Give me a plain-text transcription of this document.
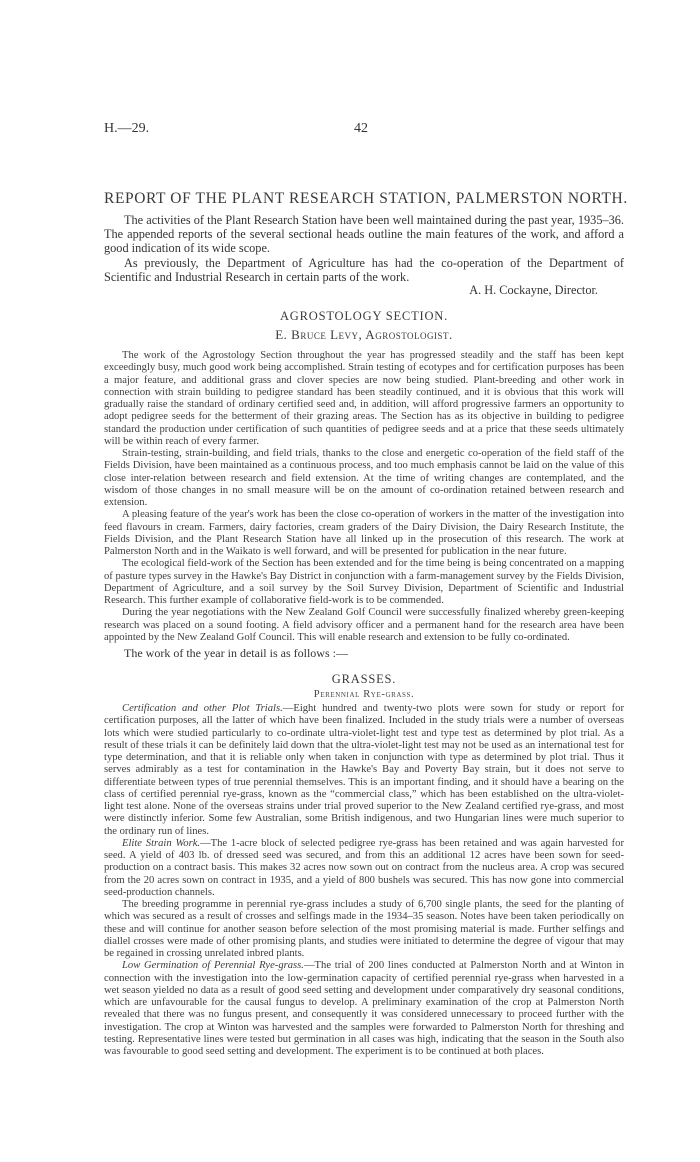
H.—29.	42
REPORT OF THE PLANT RESEARCH STATION, PALMERSTON NORTH.

The activities of the Plant Research Station have been well maintained during the past year, 1935–36. The appended reports of the several sectional heads outline the main features of the work, and afford a good indication of its wide scope.

As previously, the Department of Agriculture has had the co-operation of the Department of Scientific and Industrial Research in certain parts of the work.

A. H. Cockayne, Director.
AGROSTOLOGY SECTION.
E. Bruce Levy, Agrostologist.

The work of the Agrostology Section throughout the year has progressed steadily and the staff has been kept exceedingly busy, much good work being accomplished. Strain testing of ecotypes and for certification purposes has been a major feature, and additional grass and clover species are now being studied. Plant-breeding and other work in connection with strain building to pedigree standard has been steadily continued, and it is obvious that this work will gradually raise the standard of ordinary certified seed and, in addition, will afford progressive farmers an opportunity to adopt pedigree seeds for the betterment of their grazing areas. The Section has as its objective in building to pedigree standard the production under certification of such quantities of pedigree seeds and at a price that these seeds ultimately will be within reach of every farmer.

Strain-testing, strain-building, and field trials, thanks to the close and energetic co-operation of the field staff of the Fields Division, have been maintained as a continuous process, and too much emphasis cannot be laid on the value of this close inter-relation between research and field extension. At the time of writing changes are contemplated, and the wisdom of those changes in no small measure will be on the amount of co-ordination retained between research and extension.

A pleasing feature of the year's work has been the close co-operation of workers in the matter of the investigation into feed flavours in cream. Farmers, dairy factories, cream graders of the Dairy Division, the Dairy Research Institute, the Fields Division, and the Plant Research Station have all linked up in the prosecution of this research. The work at Palmerston North and in the Waikato is well forward, and will be presented for publication in the near future.

The ecological field-work of the Section has been extended and for the time being is being concentrated on a mapping of pasture types survey in the Hawke's Bay District in conjunction with a farm-management survey by the Fields Division, Department of Agriculture, and a soil survey by the Soil Survey Division, Department of Scientific and Industrial Research. This further example of collaborative field-work is to be commended.

During the year negotiations with the New Zealand Golf Council were successfully finalized whereby green-keeping research was placed on a sound footing. A field advisory officer and a permanent hand for the research area have been appointed by the New Zealand Golf Council. This will enable research and extension to be fully co-ordinated.

The work of the year in detail is as follows :—
GRASSES.
Perennial Rye-grass.

Certification and other Plot Trials.—Eight hundred and twenty-two plots were sown for study or report for certification purposes, all the latter of which have been finalized. Included in the study trials were a number of overseas lots which were studied particularly to co-ordinate ultra-violet-light test and type test as determined by plot trial. As a result of these trials it can be definitely laid down that the ultra-violet-light test may not be used as an international test for type determination, and that it is reliable only when taken in conjunction with type as determined by plot trial. Thus it serves admirably as a test for contamination in the Hawke's Bay and Poverty Bay strain, but it does not serve to differentiate between types of true perennial themselves. This is an important finding, and it should have a bearing on the class of certified perennial rye-grass, known as the “commercial class,” which has been established on the ultra-violet-light test alone. None of the overseas strains under trial proved superior to the New Zealand certified rye-grass, and most were distinctly inferior. Some few Australian, some British indigenous, and two Hungarian lines were much superior to the ordinary run of lines.

Elite Strain Work.—The 1-acre block of selected pedigree rye-grass has been retained and was again harvested for seed. A yield of 403 lb. of dressed seed was secured, and from this an additional 12 acres have been sown for seed-production on a contract basis. This makes 32 acres now sown out on contract from the nucleus area. A crop was secured from the 20 acres sown on contract in 1935, and a yield of 800 bushels was secured. This has now gone into commercial seed-production channels.

The breeding programme in perennial rye-grass includes a study of 6,700 single plants, the seed for the planting of which was secured as a result of crosses and selfings made in the 1934–35 season. Notes have been taken periodically on these and will continue for another season before selection of the most promising material is made. Further selfings and diallel crosses were made of other promising plants, and studies were initiated to determine the degree of vigour that may be regained in crossing unrelated inbred plants.

Low Germination of Perennial Rye-grass.—The trial of 200 lines conducted at Palmerston North and at Winton in connection with the investigation into the low-germination capacity of certified perennial rye-grass when harvested in a wet season yielded no data as a result of good seed setting and development under comparatively dry seasonal conditions, which are unfavourable for the causal fungus to develop. A preliminary examination of the crop at Palmerston North revealed that there was no fungus present, and consequently it was considered unnecessary to proceed further with the investigation. The crop at Winton was harvested and the samples were forwarded to Palmerston North for threshing and testing. Representative lines were tested but germination in all cases was high, indicating that the season in the South also was favourable to good seed setting and development. The experiment is to be continued at both places.
